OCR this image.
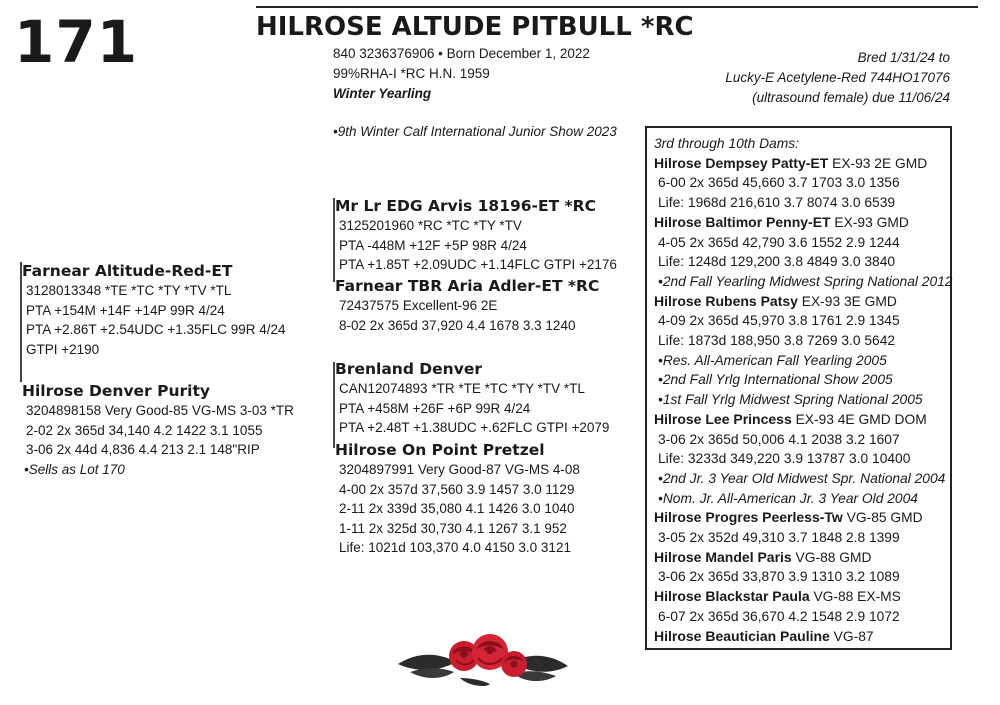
171	HILROSE ALTUDE PITBULL *RC
840 3236376906 • Born December 1, 2022
99%RHA-I *RC H.N. 1959
Winter Yearling
•9th Winter Calf International Junior Show 2023
Bred 1/31/24 to
Lucky-E Acetylene-Red 744HO17076
(ultrasound female) due 11/06/24
Farnear Altitude-Red-ET
3128013348 *TE *TC *TY *TV *TL
PTA +154M +14F +14P 99R 4/24
PTA +2.86T +2.54UDC +1.35FLC 99R 4/24
GTPI +2190
Hilrose Denver Purity
3204898158 Very Good-85 VG-MS 3-03 *TR
2-02 2x 365d 34,140 4.2 1422 3.1 1055
3-06 2x 44d 4,836 4.4 213 2.1 148"RIP
•Sells as Lot 170
Mr Lr EDG Arvis 18196-ET *RC
3125201960 *RC *TC *TY *TV
PTA -448M +12F +5P 98R 4/24
PTA +1.85T +2.09UDC +1.14FLC GTPI +2176
Farnear TBR Aria Adler-ET *RC
72437575 Excellent-96 2E
8-02 2x 365d 37,920 4.4 1678 3.3 1240
Brenland Denver
CAN12074893 *TR *TE *TC *TY *TV *TL
PTA +458M +26F +6P 99R 4/24
PTA +2.48T +1.38UDC +.62FLC GTPI +2079
Hilrose On Point Pretzel
3204897991 Very Good-87 VG-MS 4-08
4-00 2x 357d 37,560 3.9 1457 3.0 1129
2-11 2x 339d 35,080 4.1 1426 3.0 1040
1-11 2x 325d 30,730 4.1 1267 3.1 952
Life: 1021d 103,370 4.0 4150 3.0 3121
3rd through 10th Dams:
Hilrose Dempsey Patty-ET EX-93 2E GMD
6-00 2x 365d 45,660 3.7 1703 3.0 1356
Life: 1968d 216,610 3.7 8074 3.0 6539
Hilrose Baltimor Penny-ET EX-93 GMD
4-05 2x 365d 42,790 3.6 1552 2.9 1244
Life: 1248d 129,200 3.8 4849 3.0 3840
•2nd Fall Yearling Midwest Spring National 2012
Hilrose Rubens Patsy EX-93 3E GMD
4-09 2x 365d 45,970 3.8 1761 2.9 1345
Life: 1873d 188,950 3.8 7269 3.0 5642
•Res. All-American Fall Yearling 2005
•2nd Fall Yrlg International Show 2005
•1st Fall Yrlg Midwest Spring National 2005
Hilrose Lee Princess EX-93 4E GMD DOM
3-06 2x 365d 50,006 4.1 2038 3.2 1607
Life: 3233d 349,220 3.9 13787 3.0 10400
•2nd Jr. 3 Year Old Midwest Spr. National 2004
•Nom. Jr. All-American Jr. 3 Year Old 2004
Hilrose Progres Peerless-Tw VG-85 GMD
3-05 2x 352d 49,310 3.7 1848 2.8 1399
Hilrose Mandel Paris VG-88 GMD
3-06 2x 365d 33,870 3.9 1310 3.2 1089
Hilrose Blackstar Paula VG-88 EX-MS
6-07 2x 365d 36,670 4.2 1548 2.9 1072
Hilrose Beautician Pauline VG-87
